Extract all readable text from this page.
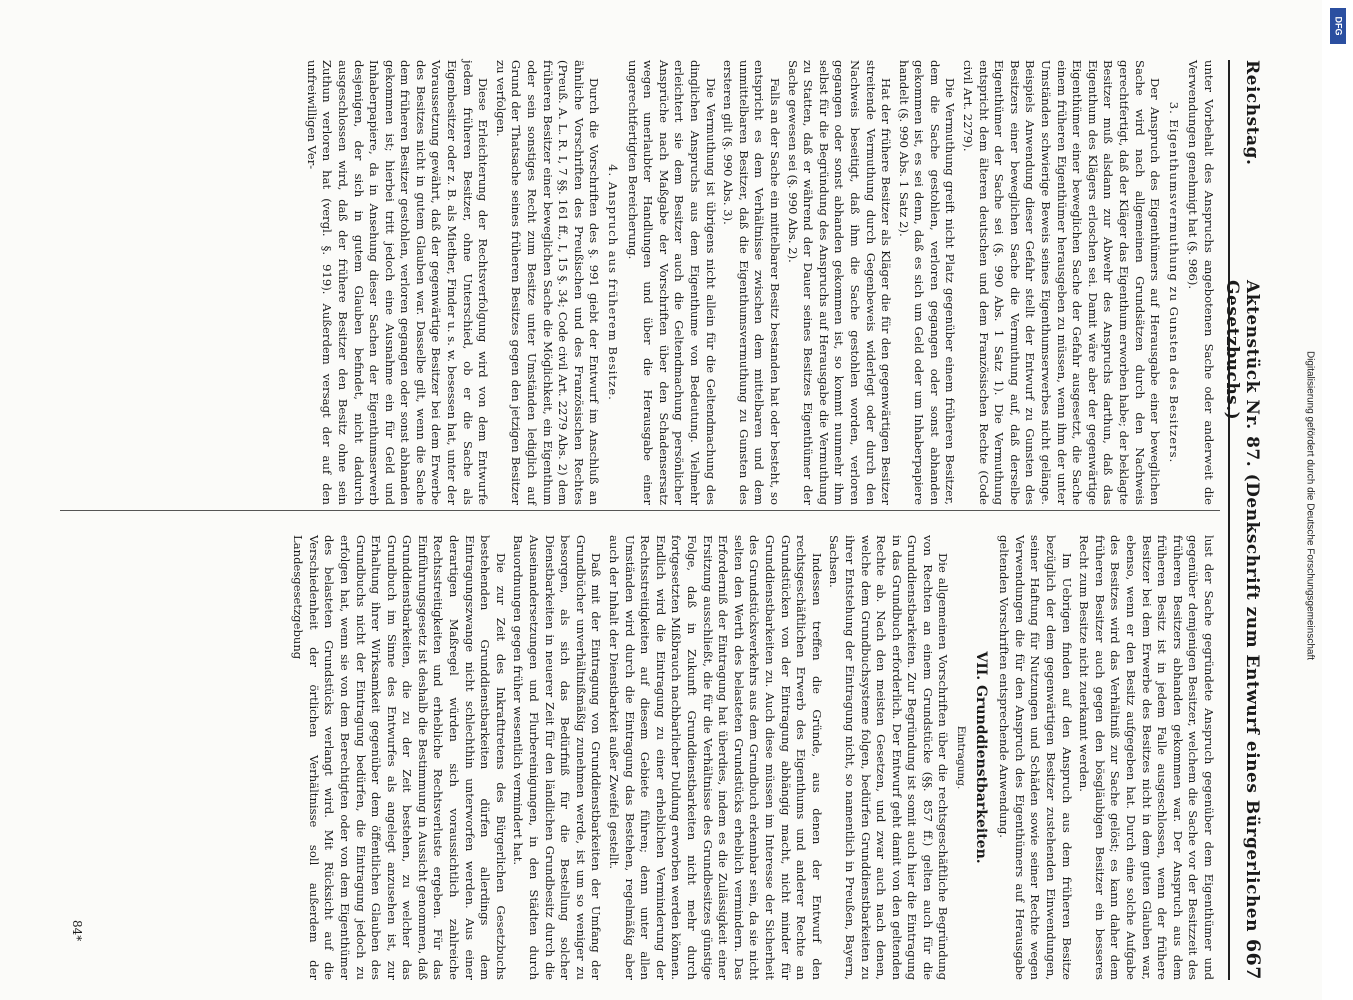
Reichstag.
Aktenstück Nr. 87. (Denkschrift zum Entwurf eines Bürgerlichen Gesetzbuchs.)
667

unter Vorbehalt des Anspruchs angebotenen Sache oder anderweit die Verwendungen genehmigt hat (§. 986).

3. Eigenthumsvermuthung zu Gunsten des Besitzers.

Der Anspruch des Eigenthümers auf Herausgabe einer beweglichen Sache wird nach allgemeinen Grundsätzen durch den Nachweis gerechtfertigt, daß der Kläger das Eigenthum erworben habe; der beklagte Besitzer muß alsdann zur Abwehr des Anspruchs darthun, daß das Eigenthum des Klägers erloschen sei. Damit wäre aber der gegenwärtige Eigenthümer einer beweglichen Sache der Gefahr ausgesetzt, die Sache einem früheren Eigenthümer herausgeben zu müssen, wenn ihm der unter Umständen schwierige Beweis seines Eigenthumserwerbes nicht gelänge. Beispiels Anwendung dieser Gefahr stellt der Entwurf zu Gunsten des Besitzers einer beweglichen Sache die Vermuthung auf, daß derselbe Eigenthümer der Sache sei (§. 990 Abs. 1 Satz 1). Die Vermuthung entspricht dem älteren deutschen und dem Französischen Rechte (Code civil Art. 2279).

Die Vermuthung greift nicht Platz gegenüber einem früheren Besitzer, dem die Sache gestohlen, verloren gegangen oder sonst abhanden gekommen ist, es sei denn, daß es sich um Geld oder um Inhaberpapiere handelt (§. 990 Abs. 1 Satz 2).

Hat der frühere Besitzer als Kläger die für den gegenwärtigen Besitzer streitende Vermuthung durch Gegenbeweis widerlegt oder durch den Nachweis beseitigt, daß ihm die Sache gestohlen worden, verloren gegangen oder sonst abhanden gekommen ist, so kommt nunmehr ihm selbst für die Begründung des Anspruchs auf Herausgabe die Vermuthung zu Statten, daß er während der Dauer seines Besitzes Eigenthümer der Sache gewesen sei (§. 990 Abs. 2).

Falls an der Sache ein mittelbarer Besitz bestanden hat oder besteht, so entspricht es dem Verhältnisse zwischen dem mittelbaren und dem unmittelbaren Besitzer, daß die Eigenthumsvermuthung zu Gunsten des ersteren gilt (§. 990 Abs. 3).

Die Vermuthung ist übrigens nicht allein für die Geltendmachung des dinglichen Anspruchs aus dem Eigenthume von Bedeutung. Vielmehr erleichtert sie dem Besitzer auch die Geltendmachung persönlicher Ansprüche nach Maßgabe der Vorschriften über den Schadensersatz wegen unerlaubter Handlungen und über die Herausgabe einer ungerechtfertigten Bereicherung.

4. Anspruch aus früherem Besitze.

Durch die Vorschriften des §. 991 giebt der Entwurf im Anschluß an ähnliche Vorschriften des Preußischen und des Französischen Rechtes (Preuß. A. L. R. I, 7 §§. 161 ff., I, 15 §. 34; Code civil Art. 2279 Abs. 2) dem früheren Besitzer einer beweglichen Sache die Möglichkeit, ein Eigenthum oder sein sonstiges Recht zum Besitze unter Umständen lediglich auf Grund der Thatsache seines früheren Besitzes gegen den jetzigen Besitzer zu verfolgen.

Diese Erleichterung der Rechtsverfolgung wird von dem Entwurfe jedem früheren Besitzer, ohne Unterschied, ob er die Sache als Eigenbesitzer oder z. B. als Miether, Finder u. s. w. besessen hat, unter der Voraussetzung gewährt, daß der gegenwärtige Besitzer bei dem Erwerbe des Besitzes nicht in gutem Glauben war. Dasselbe gilt, wenn die Sache dem früheren Besitzer gestohlen, verloren gegangen oder sonst abhanden gekommen ist; hierbei tritt jedoch eine Ausnahme ein für Geld und Inhaberpapiere, da in Ansehung dieser Sachen der Eigenthumserwerb desjenigen, der sich in gutem Glauben befindet, nicht dadurch ausgeschlossen wird, daß der frühere Besitzer den Besitz ohne sein Zuthun verloren hat (vergl. §. 919). Außerdem versagt der auf den unfreiwilligen Ver-

lust der Sache gegründete Anspruch gegenüber dem Eigenthümer und gegenüber demjenigen Besitzer, welchem die Sache vor der Besitzzeit des früheren Besitzers abhanden gekommen war. Der Anspruch aus dem früheren Besitz ist in jedem Falle ausgeschlossen, wenn der frühere Besitzer bei dem Erwerbe des Besitzes nicht in dem guten Glauben war, ebenso, wenn er den Besitz aufgegeben hat. Durch eine solche Aufgabe des Besitzes wird das Verhältniß zur Sache gelöst; es kann daher dem früheren Besitzer auch gegen den bösgläubigen Besitzer ein besseres Recht zum Besitze nicht zuerkannt werden.

Im Uebrigen finden auf den Anspruch aus dem früheren Besitze bezüglich der dem gegenwärtigen Besitzer zustehenden Einwendungen, seiner Haftung für Nutzungen und Schäden sowie seiner Rechte wegen Verwendungen die für den Anspruch des Eigenthümers auf Herausgabe geltenden Vorschriften entsprechende Anwendung.

VII. Grunddienstbarkeiten.
Eintragung.

Die allgemeinen Vorschriften über die rechtsgeschäftliche Begründung von Rechten an einem Grundstücke (§§. 857 ff.) gelten auch für die Grunddienstbarkeiten. Zur Begründung ist somit auch hier die Eintragung in das Grundbuch erforderlich. Der Entwurf geht damit von den geltenden Rechte ab. Nach den meisten Gesetzen, und zwar auch nach denen, welche dem Grundbuchsysteme folgen, bedürfen Grunddienstbarkeiten zu ihrer Entstehung der Eintragung nicht, so namentlich in Preußen, Bayern, Sachsen.

Indessen treffen die Gründe, aus denen der Entwurf den rechtsgeschäftlichen Erwerb des Eigenthums und anderer Rechte an Grundstücken von der Eintragung abhängig macht, nicht minder für Grunddienstbarkeiten zu. Auch diese müssen im Interesse der Sicherheit des Grundstücksverkehrs aus dem Grundbuch erkennbar sein, da sie nicht selten den Werth des belasteten Grundstücks erheblich vermindern. Das Erforderniß der Eintragung hat überdies, indem es die Zulässigkeit einer Ersitzung ausschließt, die für die Verhältnisse des Grundbesitzes günstige Folge, daß in Zukunft Grunddienstbarkeiten nicht mehr durch fortgesetzten Mißbrauch nachbarlicher Duldung erworben werden können. Endlich wird die Eintragung zu einer erheblichen Verminderung der Rechtsstreitigkeiten auf diesem Gebiete führen; denn unter allen Umständen wird durch die Eintragung das Bestehen, regelmäßig aber auch der Inhalt der Dienstbarkeit außer Zweifel gestellt.

Daß mit der Eintragung von Grunddienstbarkeiten der Umfang der Grundbücher unverhältnißmäßig zunehmen werde, ist um so weniger zu besorgen, als sich das Bedürfniß für die Bestellung solcher Dienstbarkeiten in neuerer Zeit für den ländlichen Grundbesitz durch die Auseinandersetzungen und Flurbereinigungen, in den Städten durch Bauordnungen gegen früher wesentlich vermindert hat.

Die zur Zeit des Inkrafttretens des Bürgerlichen Gesetzbuchs bestehenden Grunddienstbarkeiten dürfen allerdings dem Eintragungszwange nicht schlechthin unterworfen werden. Aus einer derartigen Maßregel würden sich voraussichtlich zahlreiche Rechtsstreitigkeiten und erhebliche Rechtsverluste ergeben. Für das Einführungsgesetz ist deshalb die Bestimmung in Aussicht genommen, daß Grunddienstbarkeiten, die zu der Zeit bestehen, zu welcher das Grundbuch im Sinne des Entwurfes als angelegt anzusehen ist, zur Erhaltung ihrer Wirksamkeit gegenüber dem öffentlichen Glauben des Grundbuchs nicht der Eintragung bedürfen, die Eintragung jedoch zu erfolgen hat, wenn sie von dem Berechtigten oder von dem Eigenthümer des belasteten Grundstücks verlangt wird. Mit Rücksicht auf die Verschiedenheit der örtlichen Verhältnisse soll außerdem der Landesgesetzgebung

84*
Digitalisierung gefördert durch die Deutsche Forschungsgemeinschaft
DFG
